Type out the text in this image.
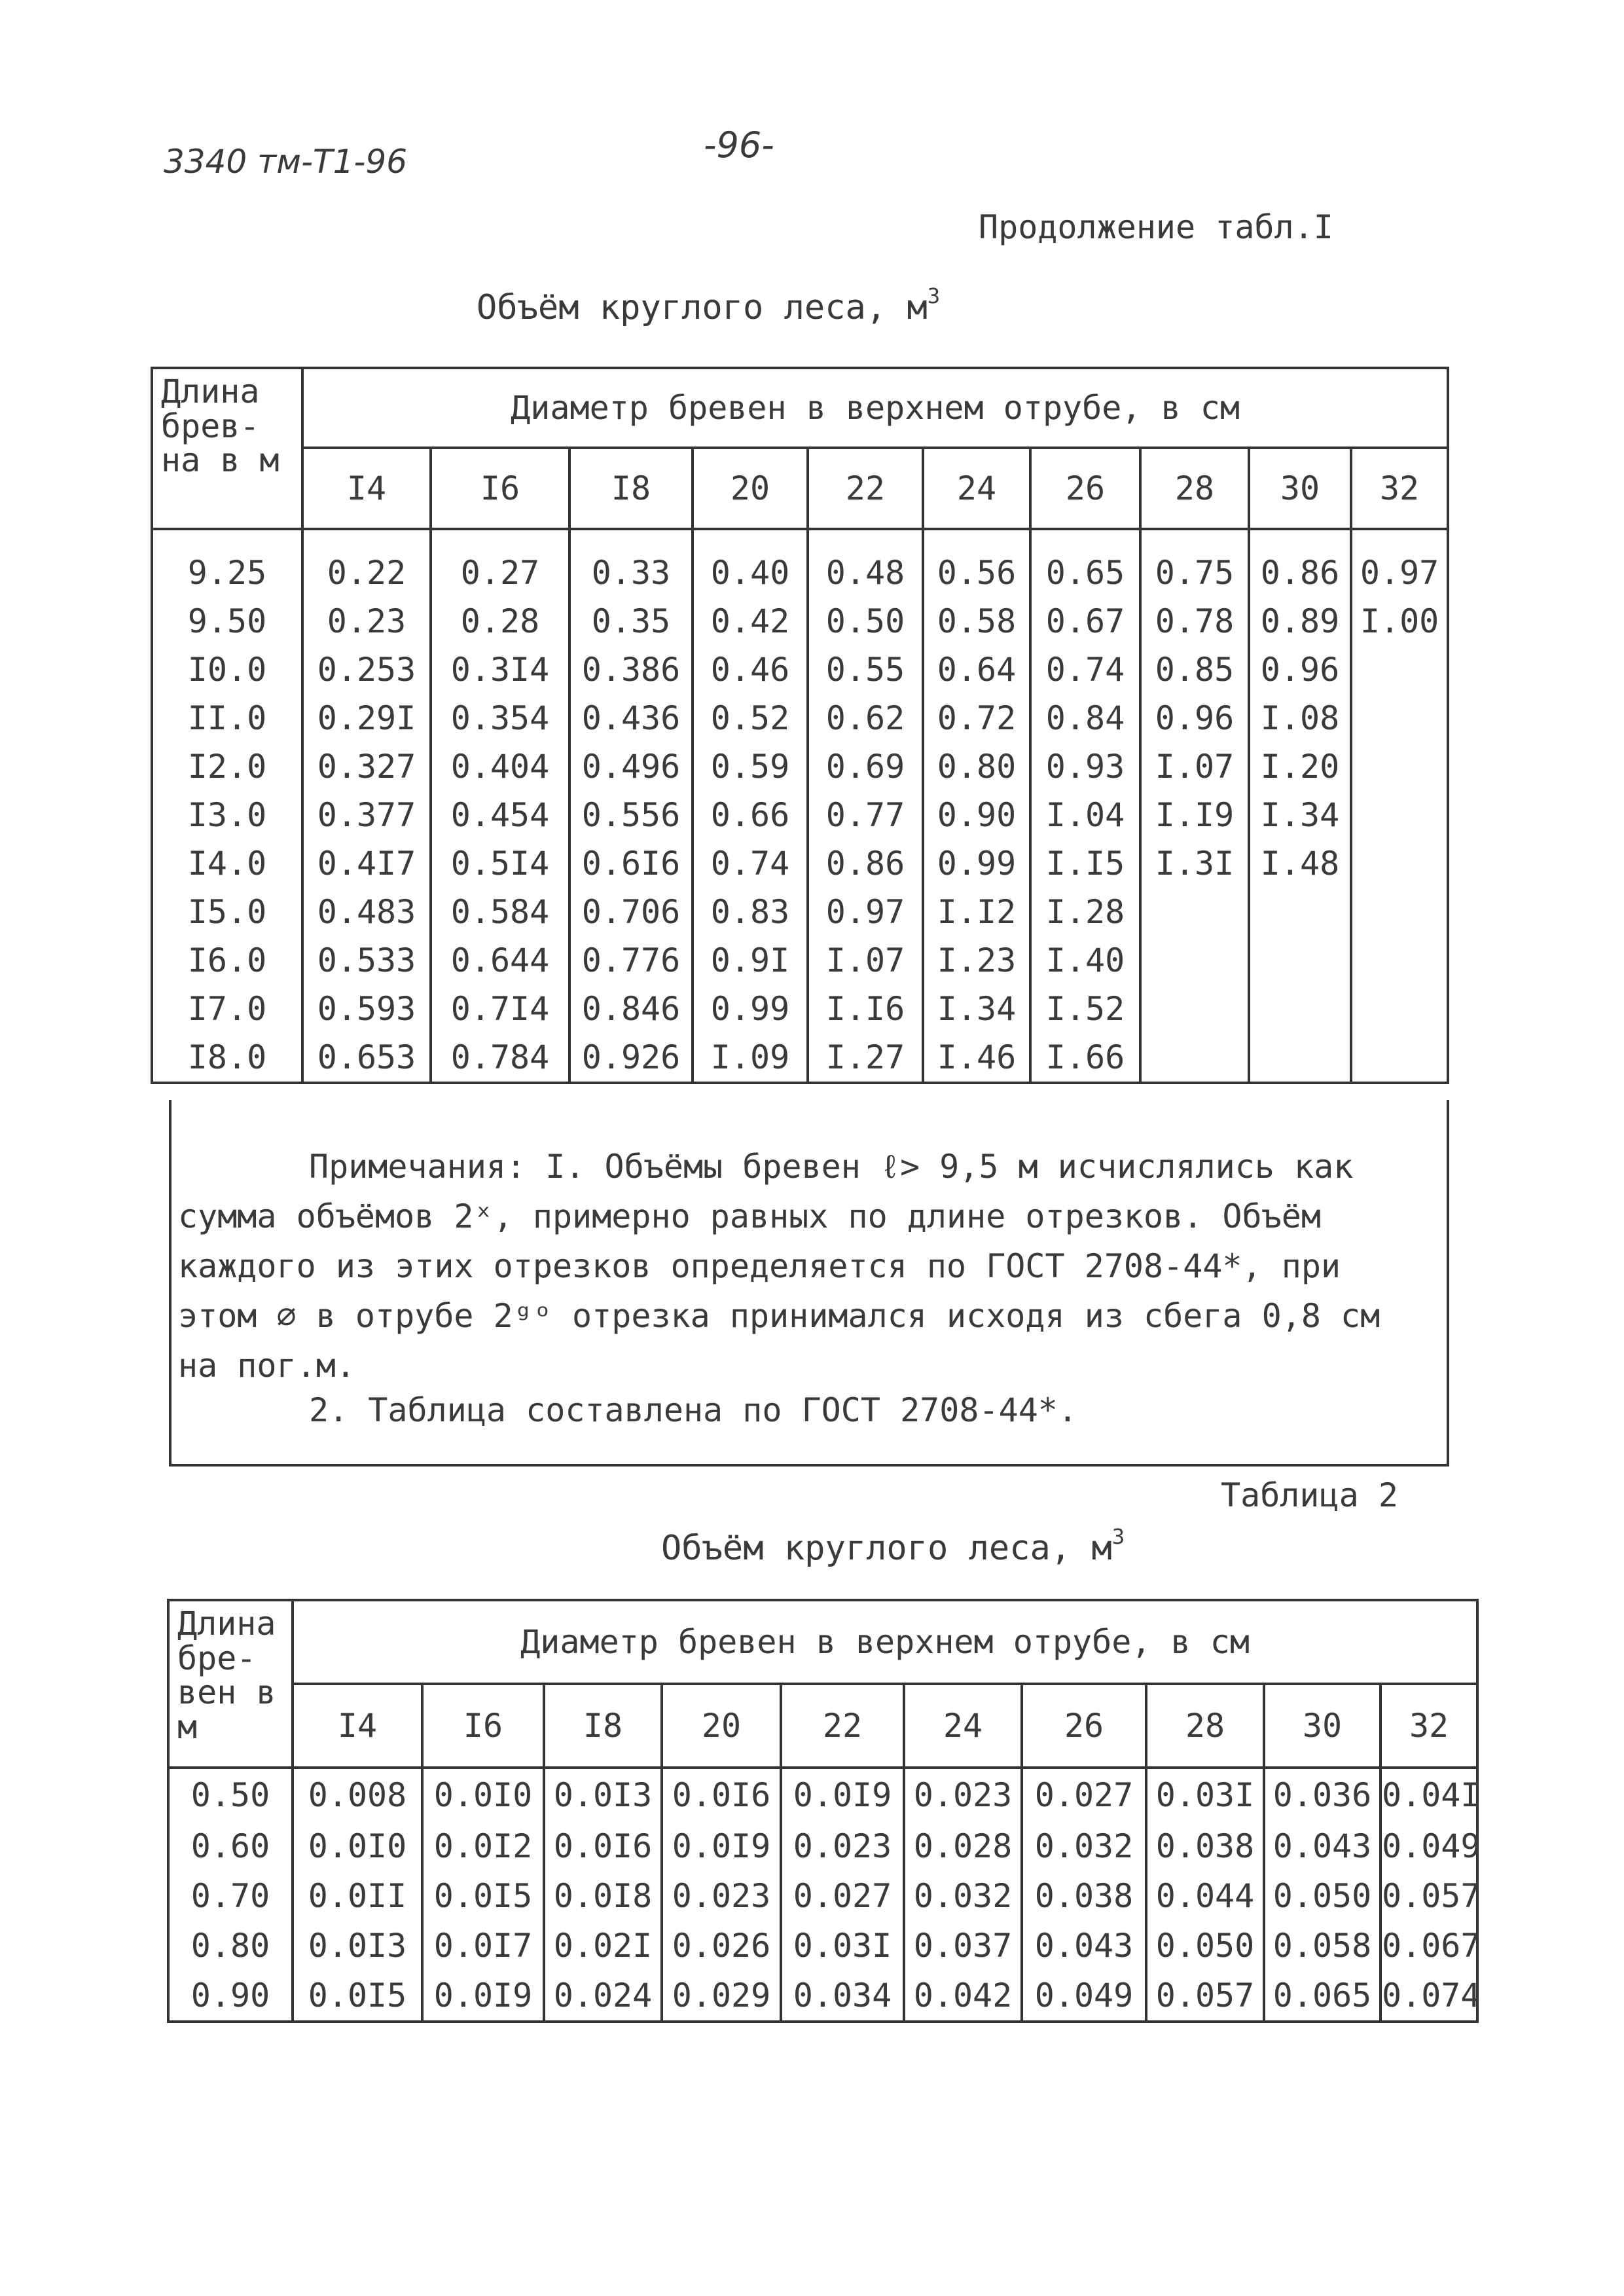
3340 тм-Т1-96	-96-
Продолжение табл.I
Объём круглого леса, $м^3$
Длина брев- на в м	Диаметр бревен в верхнем отрубе, в см									
	I4	I6	I8	20	22	24	26	28	30	32
9.25	0.22	0.27	0.33	0.40	0.48	0.56	0.65	0.75	0.86	0.97
9.50	0.23	0.28	0.35	0.42	0.50	0.58	0.67	0.78	0.89	I.00
I0.0	0.253	0.3I4	0.386	0.46	0.55	0.64	0.74	0.85	0.96	
II.0	0.29I	0.354	0.436	0.52	0.62	0.72	0.84	0.96	I.08	
I2.0	0.327	0.404	0.496	0.59	0.69	0.80	0.93	I.07	I.20	
I3.0	0.377	0.454	0.556	0.66	0.77	0.90	I.04	I.I9	I.34	
I4.0	0.4I7	0.5I4	0.6I6	0.74	0.86	0.99	I.I5	I.3I	I.48	
I5.0	0.483	0.584	0.706	0.83	0.97	I.I2	I.28			
I6.0	0.533	0.644	0.776	0.9I	I.07	I.23	I.40			
I7.0	0.593	0.7I4	0.846	0.99	I.I6	I.34	I.52			
I8.0	0.653	0.784	0.926	I.09	I.27	I.46	I.66			
Примечания: I. Объёмы бревен ℓ> 9,5 м исчислялись как сумма объёмов 2ˣ, примерно равных по длине отрезков. Объём каждого из этих отрезков определяется по ГОСТ 2708-44*, при этом ∅ в отрубе 2ᵍᵒ отрезка принимался исходя из сбега 0,8 см на пог.м.
2. Таблица составлена по ГОСТ 2708-44*.
Таблица 2
Объём круглого леса, $м^3$
Длина бре- вен в м	Диаметр бревен в верхнем отрубе, в см									
	I4	I6	I8	20	22	24	26	28	30	32
0.50	0.008	0.0I0	0.0I3	0.0I6	0.0I9	0.023	0.027	0.03I	0.036	0.04I
0.60	0.0I0	0.0I2	0.0I6	0.0I9	0.023	0.028	0.032	0.038	0.043	0.049
0.70	0.0II	0.0I5	0.0I8	0.023	0.027	0.032	0.038	0.044	0.050	0.057
0.80	0.0I3	0.0I7	0.02I	0.026	0.03I	0.037	0.043	0.050	0.058	0.067
0.90	0.0I5	0.0I9	0.024	0.029	0.034	0.042	0.049	0.057	0.065	0.074
